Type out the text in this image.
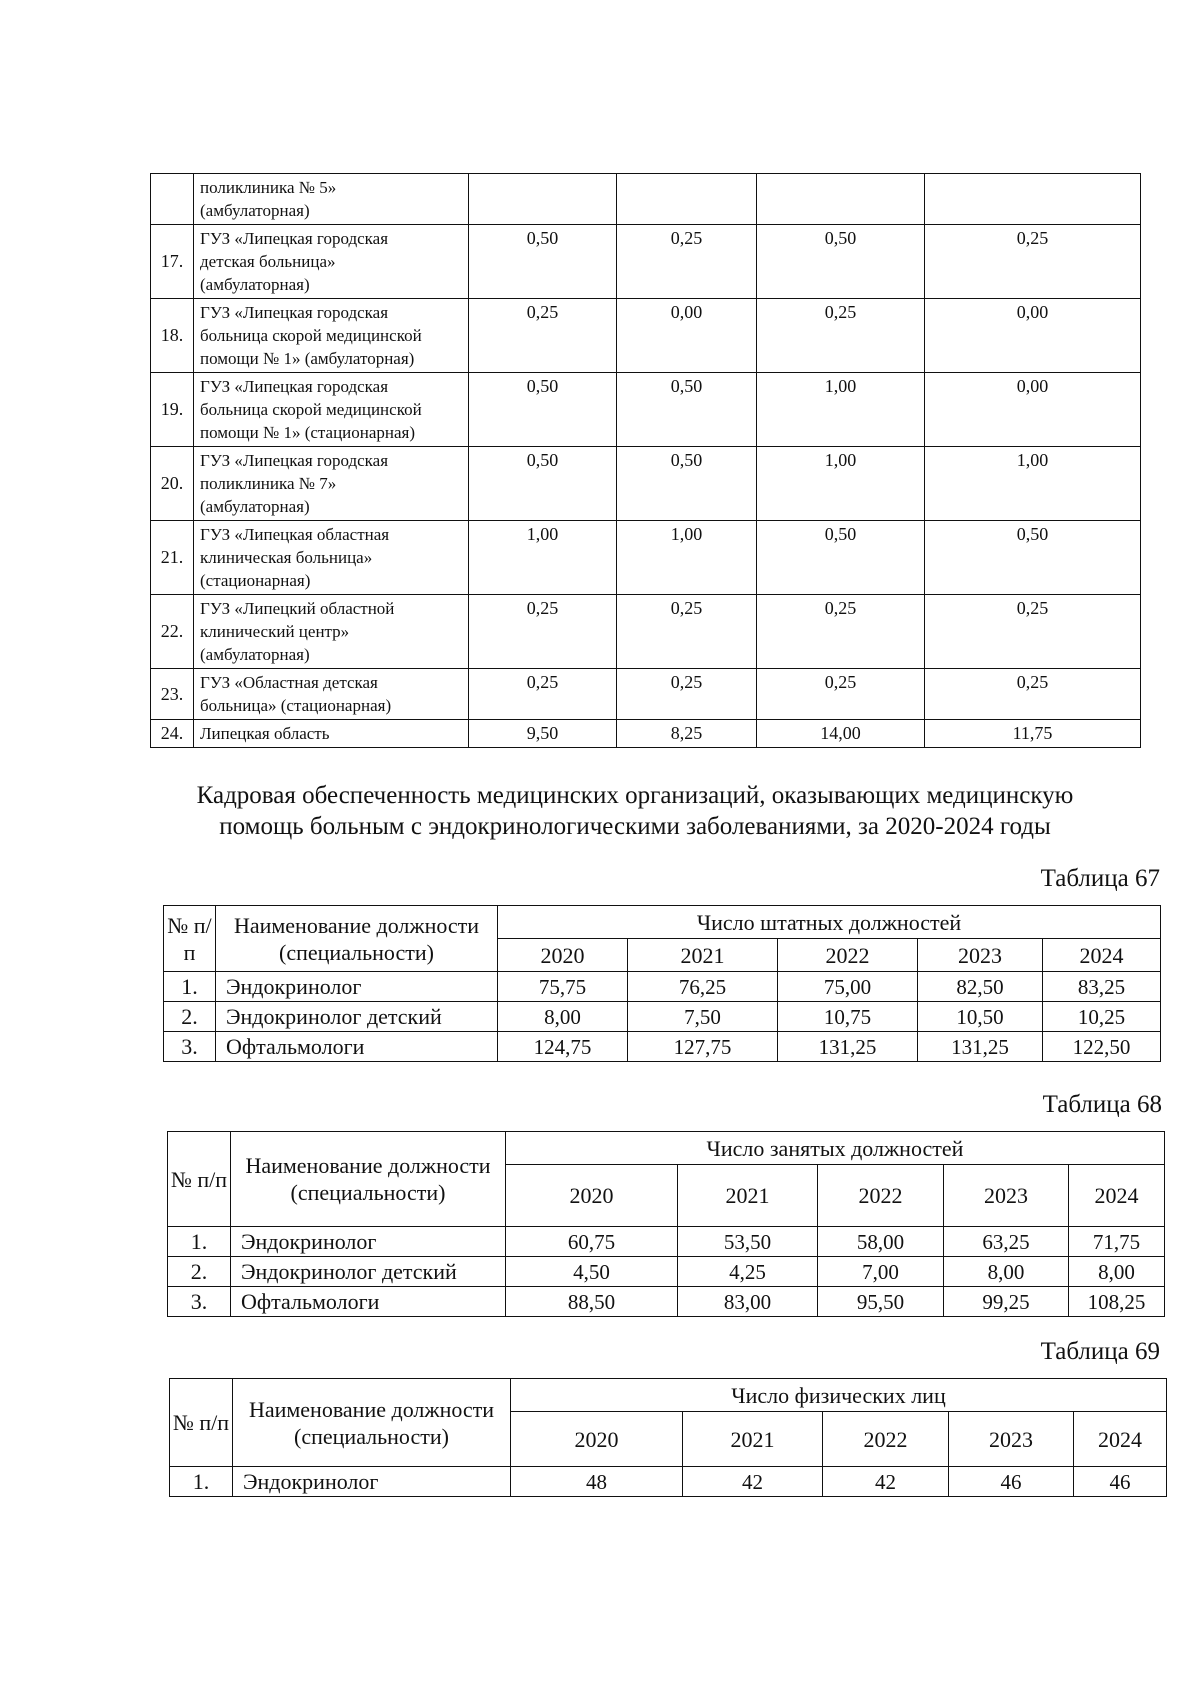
	поликлиника № 5»
(амбулаторная)				

17.	ГУЗ «Липецкая городская
детская больница»
(амбулаторная)	0,50	0,25	0,50	0,25
18.	ГУЗ «Липецкая городская
больница скорой медицинской
помощи № 1» (амбулаторная)	0,25	0,00	0,25	0,00
19.	ГУЗ «Липецкая городская
больница скорой медицинской
помощи № 1» (стационарная)	0,50	0,50	1,00	0,00
20.	ГУЗ «Липецкая городская
поликлиника № 7»
(амбулаторная)	0,50	0,50	1,00	1,00
21.	ГУЗ «Липецкая областная
клиническая больница»
(стационарная)	1,00	1,00	0,50	0,50
22.	ГУЗ «Липецкий областной
клинический центр»
(амбулаторная)	0,25	0,25	0,25	0,25
23.	ГУЗ «Областная детская
больница» (стационарная)	0,25	0,25	0,25	0,25
24.	Липецкая область	9,50	8,25	14,00	11,75
Кадровая обеспеченность медицинских организаций, оказывающих медицинскую
помощь больным с эндокринологическими заболеваниями, за 2020-2024 годы
Таблица 67
№ п/п	Наименование должности (специальности)	Число штатных должностей				
		2020	2021	2022	2023	2024
1.	Эндокринолог	75,75	76,25	75,00	82,50	83,25
2.	Эндокринолог детский	8,00	7,50	10,75	10,50	10,25
3.	Офтальмологи	124,75	127,75	131,25	131,25	122,50
Таблица 68
№ п/п	Наименование должности (специальности)	Число занятых должностей				
		2020	2021	2022	2023	2024
1.	Эндокринолог	60,75	53,50	58,00	63,25	71,75
2.	Эндокринолог детский	4,50	4,25	7,00	8,00	8,00
3.	Офтальмологи	88,50	83,00	95,50	99,25	108,25
Таблица 69
№ п/п	Наименование должности (специальности)	Число физических лиц				
		2020	2021	2022	2023	2024
1.	Эндокринолог	48	42	42	46	46
